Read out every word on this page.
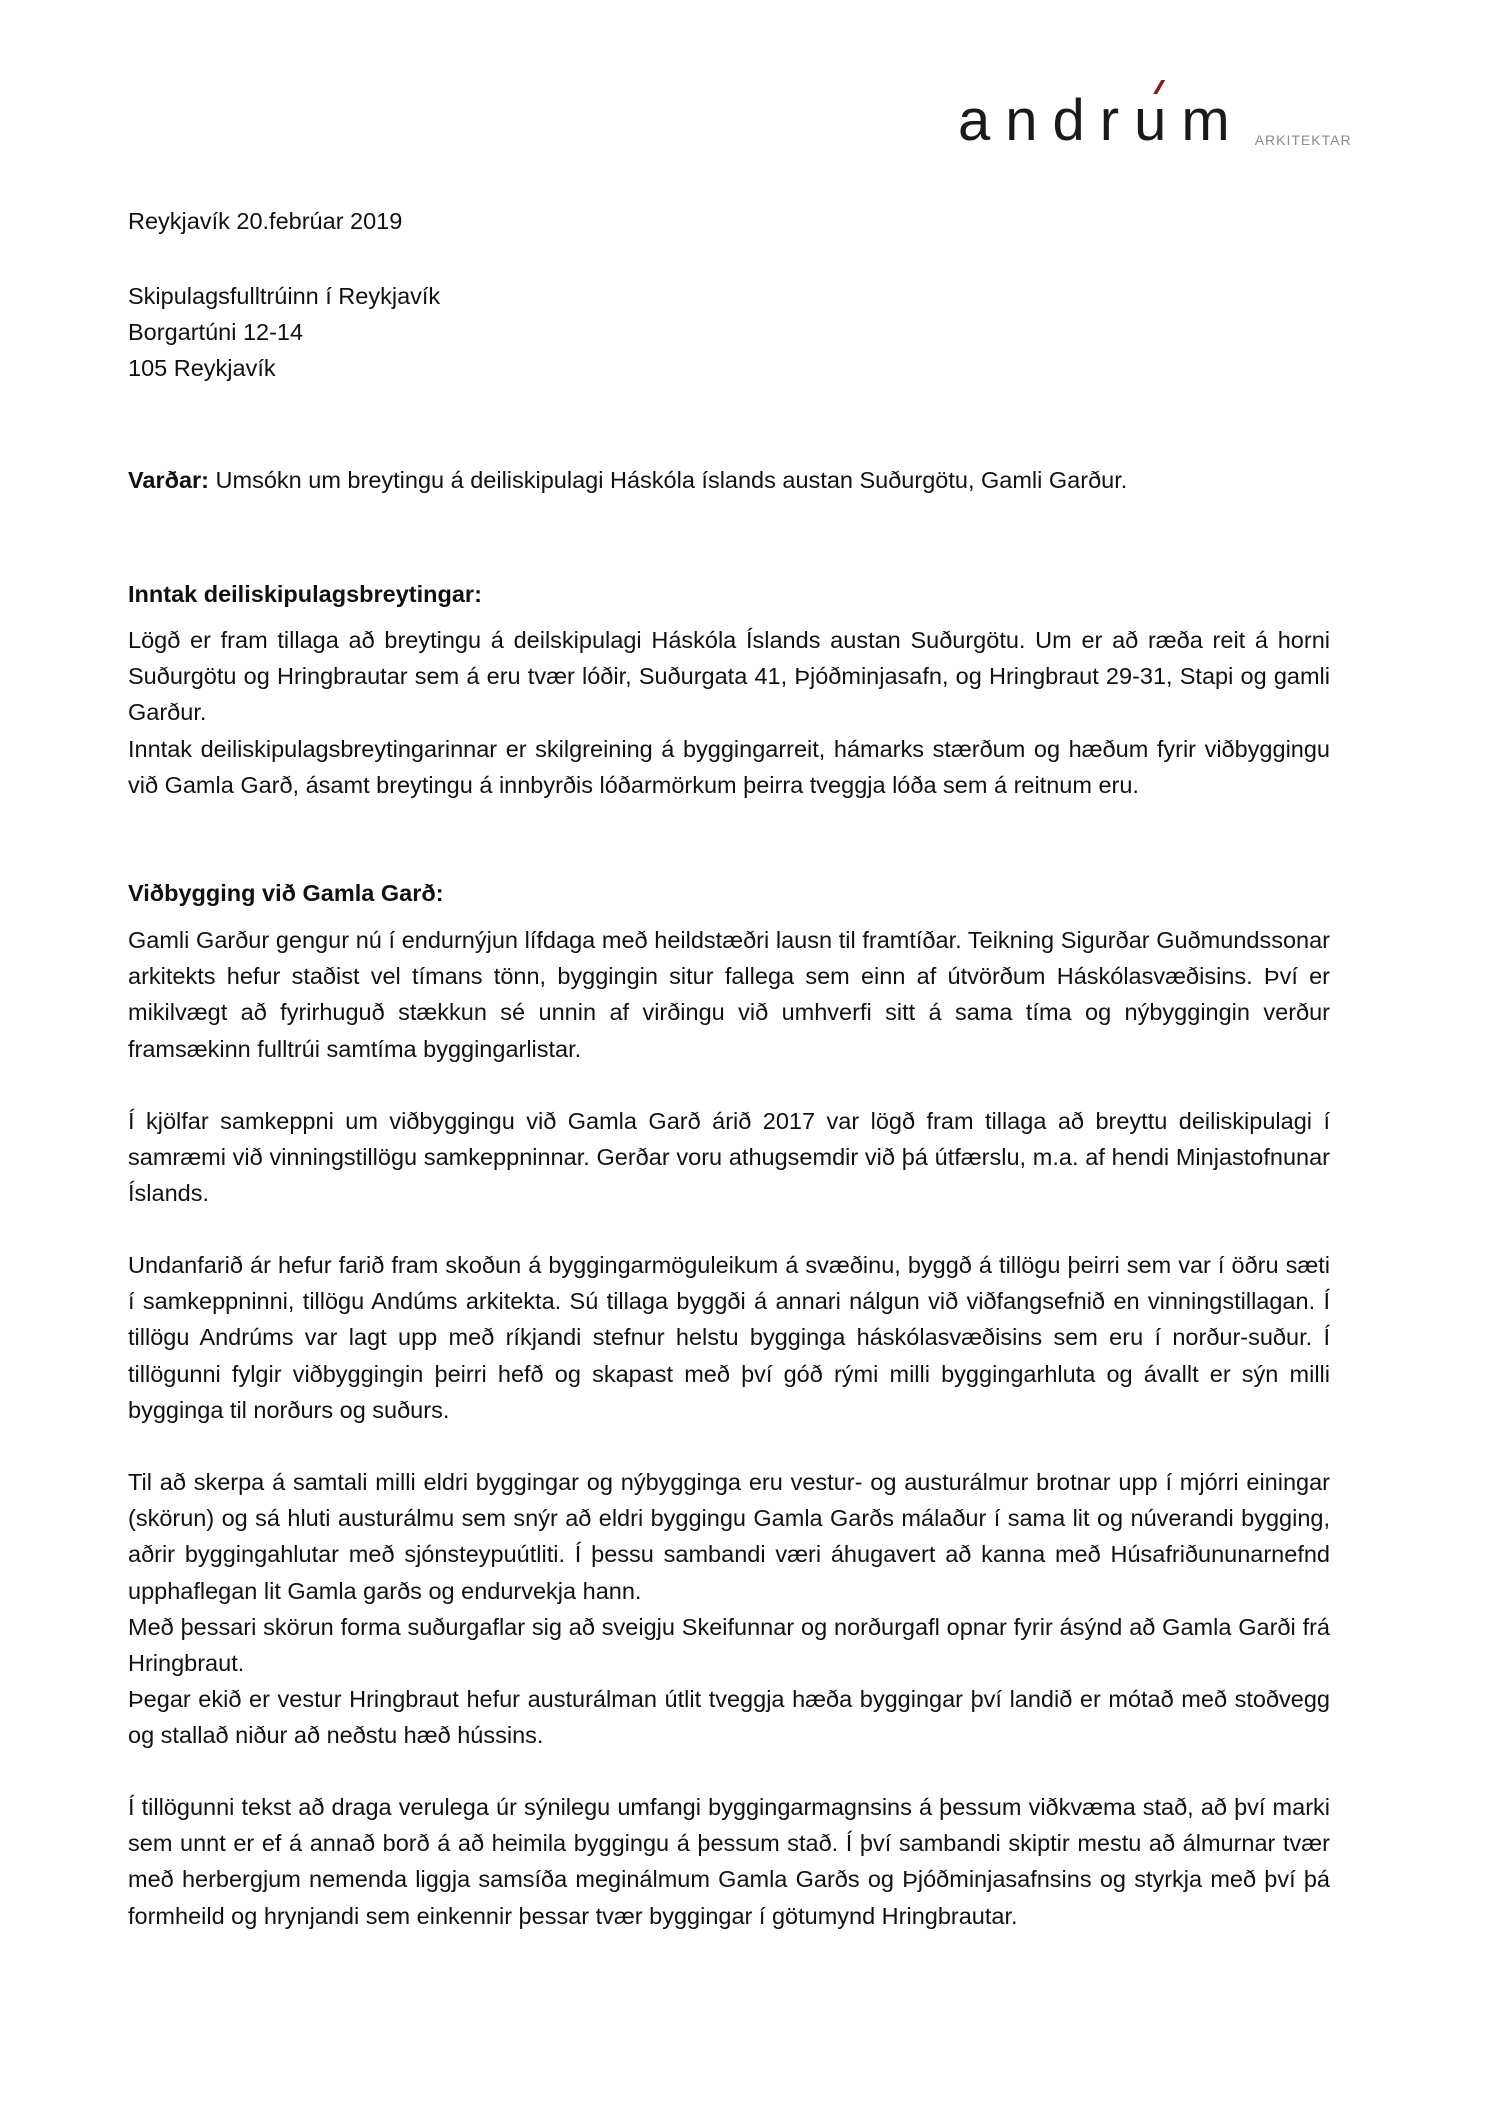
andru
m ARKITEKTAR
Reykjavík 20.febrúar 2019
Skipulagsfulltrúinn í Reykjavík
Borgartúni 12-14
105 Reykjavík
Varðar: Umsókn um breytingu á deiliskipulagi Háskóla íslands austan Suðurgötu, Gamli Garður.
Inntak deiliskipulagsbreytingar:
Lögð er fram tillaga að breytingu á deilskipulagi Háskóla Íslands austan Suðurgötu. Um er að ræða reit á horni Suðurgötu og Hringbrautar sem á eru tvær lóðir, Suðurgata 41, Þjóðminjasafn, og Hringbraut 29-31, Stapi og gamli Garður.
Inntak deiliskipulagsbreytingarinnar er skilgreining á byggingarreit, hámarks stærðum og hæðum fyrir viðbyggingu við Gamla Garð, ásamt breytingu á innbyrðis lóðarmörkum þeirra tveggja lóða sem á reitnum eru.
Viðbygging við Gamla Garð:
Gamli Garður gengur nú í endurnýjun lífdaga með heildstæðri lausn til framtíðar. Teikning Sigurðar Guðmundssonar arkitekts hefur staðist vel tímans tönn, byggingin situr fallega sem einn af útvörðum Háskólasvæðisins. Því er mikilvægt að fyrirhuguð stækkun sé unnin af virðingu við umhverfi sitt á sama tíma og nýbyggingin verður framsækinn fulltrúi samtíma byggingarlistar.
Í kjölfar samkeppni um viðbyggingu við Gamla Garð árið 2017 var lögð fram tillaga að breyttu deiliskipulagi í samræmi við vinningstillögu samkeppninnar. Gerðar voru athugsemdir við þá útfærslu, m.a. af hendi Minjastofnunar Íslands.
Undanfarið ár hefur farið fram skoðun á byggingarmöguleikum á svæðinu, byggð á tillögu þeirri sem var í öðru sæti í samkeppninni, tillögu Andúms arkitekta. Sú tillaga byggði á annari nálgun við viðfangsefnið en vinningstillagan. Í tillögu Andrúms var lagt upp með ríkjandi stefnur helstu bygginga háskólasvæðisins sem eru í norður-suður. Í tillögunni fylgir viðbyggingin þeirri hefð og skapast með því góð rými milli byggingarhluta og ávallt er sýn milli bygginga til norðurs og suðurs.
Til að skerpa á samtali milli eldri byggingar og nýbygginga eru vestur- og austurálmur brotnar upp í mjórri einingar (skörun) og sá hluti austurálmu sem snýr að eldri byggingu Gamla Garðs málaður í sama lit og núverandi bygging, aðrir byggingahlutar með sjónsteypuútliti. Í þessu sambandi væri áhugavert að kanna með Húsafriðununarnefnd upphaflegan lit Gamla garðs og endurvekja hann.
Með þessari skörun forma suðurgaflar sig að sveigju Skeifunnar og norðurgafl opnar fyrir ásýnd að Gamla Garði frá Hringbraut.
Þegar ekið er vestur Hringbraut hefur austurálman útlit tveggja hæða byggingar því landið er mótað með stoðvegg og stallað niður að neðstu hæð hússins.
Í tillögunni tekst að draga verulega úr sýnilegu umfangi byggingarmagnsins á þessum viðkvæma stað, að því marki sem unnt er ef á annað borð á að heimila byggingu á þessum stað. Í því sambandi skiptir mestu að álmurnar tvær með herbergjum nemenda liggja samsíða meginálmum Gamla Garðs og Þjóðminjasafnsins og styrkja með því þá formheild og hrynjandi sem einkennir þessar tvær byggingar í götumynd Hringbrautar.
